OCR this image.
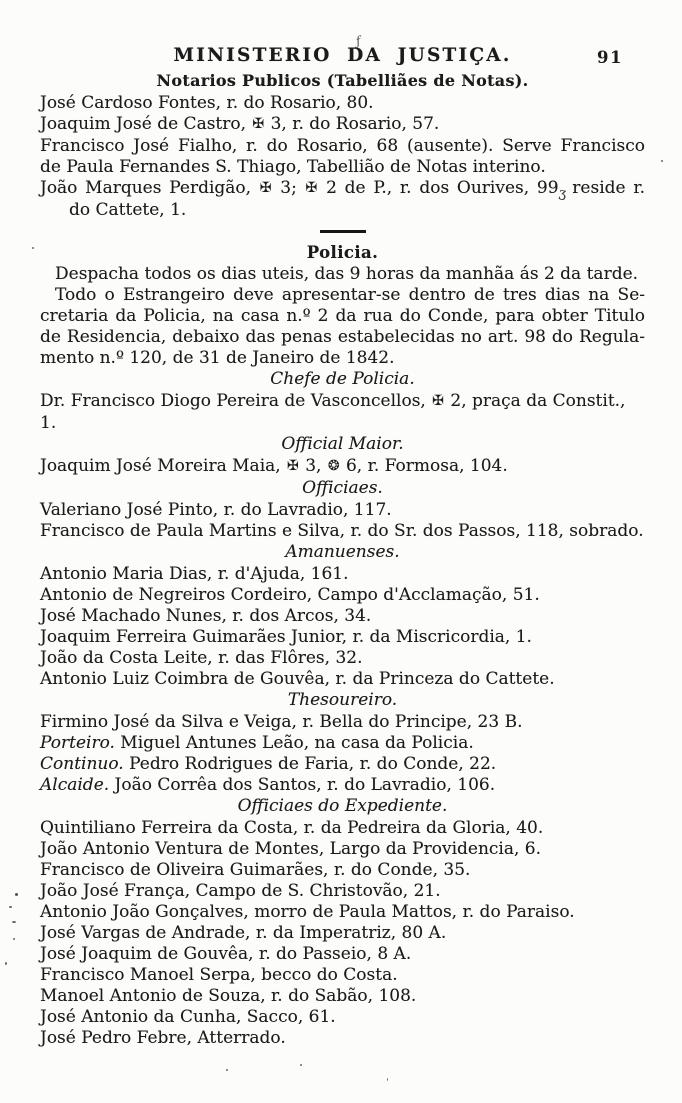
ƒ
MINISTERIO DA JUSTIÇA.	91
Notarios Publicos (Tabelliães de Notas).
José Cardoso Fontes, r. do Rosario, 80.
Joaquim José de Castro, ✠ 3, r. do Rosario, 57.
Francisco José Fialho, r. do Rosario, 68 (ausente). Serve Francisco
de Paula Fernandes S. Thiago, Tabellião de Notas interino.
João Marques Perdigão, ✠ 3; ✠ 2 de P., r. dos Ourives, 99ʒ reside r.
do Cattete, 1.
Policia.
Despacha todos os dias uteis, das 9 horas da manhãa ás 2 da tarde.
Todo o Estrangeiro deve apresentar-se dentro de tres dias na Se-
cretaria da Policia, na casa n.º 2 da rua do Conde, para obter Titulo
de Residencia, debaixo das penas estabelecidas no art. 98 do Regula-
mento n.º 120, de 31 de Janeiro de 1842.
Chefe de Policia.
Dr. Francisco Diogo Pereira de Vasconcellos, ✠ 2, praça da Constit., 1.
Official Maior.
Joaquim José Moreira Maia, ✠ 3, ❂ 6, r. Formosa, 104.
Officiaes.
Valeriano José Pinto, r. do Lavradio, 117.
Francisco de Paula Martins e Silva, r. do Sr. dos Passos, 118, sobrado.
Amanuenses.
Antonio Maria Dias, r. d'Ajuda, 161.
Antonio de Negreiros Cordeiro, Campo d'Acclamação, 51.
José Machado Nunes, r. dos Arcos, 34.
Joaquim Ferreira Guimarães Junior, r. da Miscricordia, 1.
João da Costa Leite, r. das Flôres, 32.
Antonio Luiz Coimbra de Gouvêa, r. da Princeza do Cattete.
Thesoureiro.
Firmino José da Silva e Veiga, r. Bella do Principe, 23 B.
Porteiro. Miguel Antunes Leão, na casa da Policia.
Continuo. Pedro Rodrigues de Faria, r. do Conde, 22.
Alcaide. João Corrêa dos Santos, r. do Lavradio, 106.
Officiaes do Expediente.
Quintiliano Ferreira da Costa, r. da Pedreira da Gloria, 40.
João Antonio Ventura de Montes, Largo da Providencia, 6.
Francisco de Oliveira Guimarães, r. do Conde, 35.
João José França, Campo de S. Christovão, 21.
Antonio João Gonçalves, morro de Paula Mattos, r. do Paraiso.
José Vargas de Andrade, r. da Imperatriz, 80 A.
José Joaquim de Gouvêa, r. do Passeio, 8 A.
Francisco Manoel Serpa, becco do Costa.
Manoel Antonio de Souza, r. do Sabão, 108.
José Antonio da Cunha, Sacco, 61.
José Pedro Febre, Atterrado.
